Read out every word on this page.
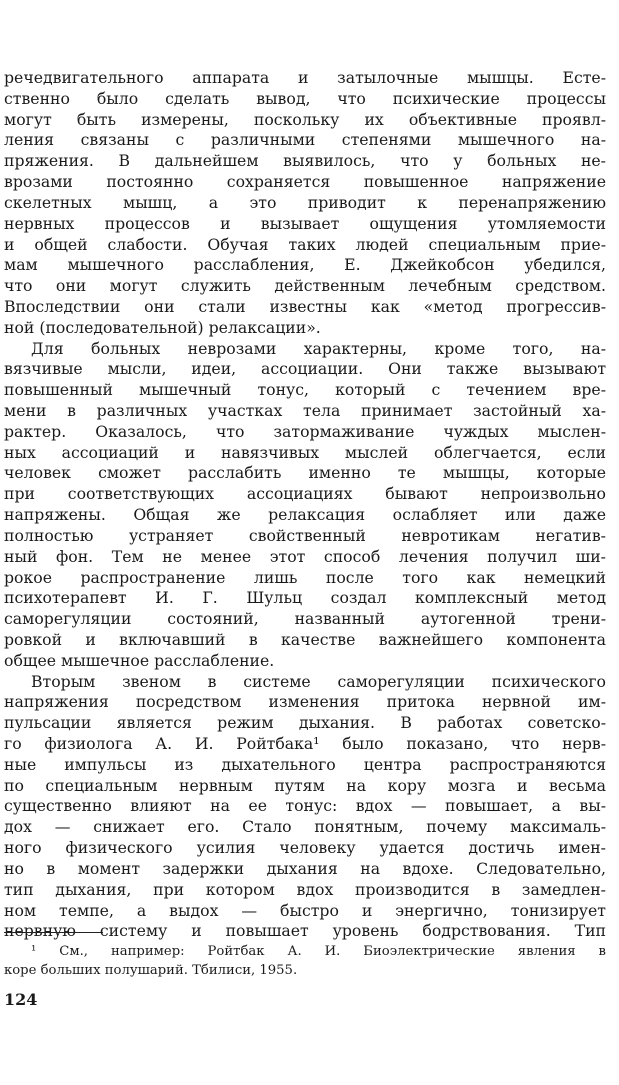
речедвигательного аппарата и затылочные мышцы. Есте-
ственно было сделать вывод, что психические процессы
могут быть измерены, поскольку их объективные проявл-
ления связаны с различными степенями мышечного на-
пряжения. В дальнейшем выявилось, что у больных не-
врозами постоянно сохраняется повышенное напряжение
скелетных мышц, а это приводит к перенапряжению
нервных процессов и вызывает ощущения утомляемости
и общей слабости. Обучая таких людей специальным прие-
мам мышечного расслабления, Е. Джейкобсон убедился,
что они могут служить действенным лечебным средством.
Впоследствии они стали известны как «метод прогрессив-
ной (последовательной) релаксации».
Для больных неврозами характерны, кроме того, на-
вязчивые мысли, идеи, ассоциации. Они также вызывают
повышенный мышечный тонус, который с течением вре-
мени в различных участках тела принимает застойный ха-
рактер. Оказалось, что затормаживание чуждых мыслен-
ных ассоциаций и навязчивых мыслей облегчается, если
человек сможет расслабить именно те мышцы, которые
при соответствующих ассоциациях бывают непроизвольно
напряжены. Общая же релаксация ослабляет или даже
полностью устраняет свойственный невротикам негатив-
ный фон. Тем не менее этот способ лечения получил ши-
рокое распространение лишь после того как немецкий
психотерапевт И. Г. Шульц создал комплексный метод
саморегуляции состояний, названный аутогенной трени-
ровкой и включавший в качестве важнейшего компонента
общее мышечное расслабление.
Вторым звеном в системе саморегуляции психического
напряжения посредством изменения притока нервной им-
пульсации является режим дыхания. В работах советско-
го физиолога А. И. Ройтбака¹ было показано, что нерв-
ные импульсы из дыхательного центра распространяются
по специальным нервным путям на кору мозга и весьма
существенно влияют на ее тонус: вдох — повышает, а вы-
дох — снижает его. Стало понятным, почему максималь-
ного физического усилия человеку удается достичь имен-
но в момент задержки дыхания на вдохе. Следовательно,
тип дыхания, при котором вдох производится в замедлен-
ном темпе, а выдох — быстро и энергично, тонизирует
нервную систему и повышает уровень бодрствования. Тип
¹ См., например: Ройтбак А. И. Биоэлектрические явления в
коре больших полушарий. Тбилиси, 1955.
124
